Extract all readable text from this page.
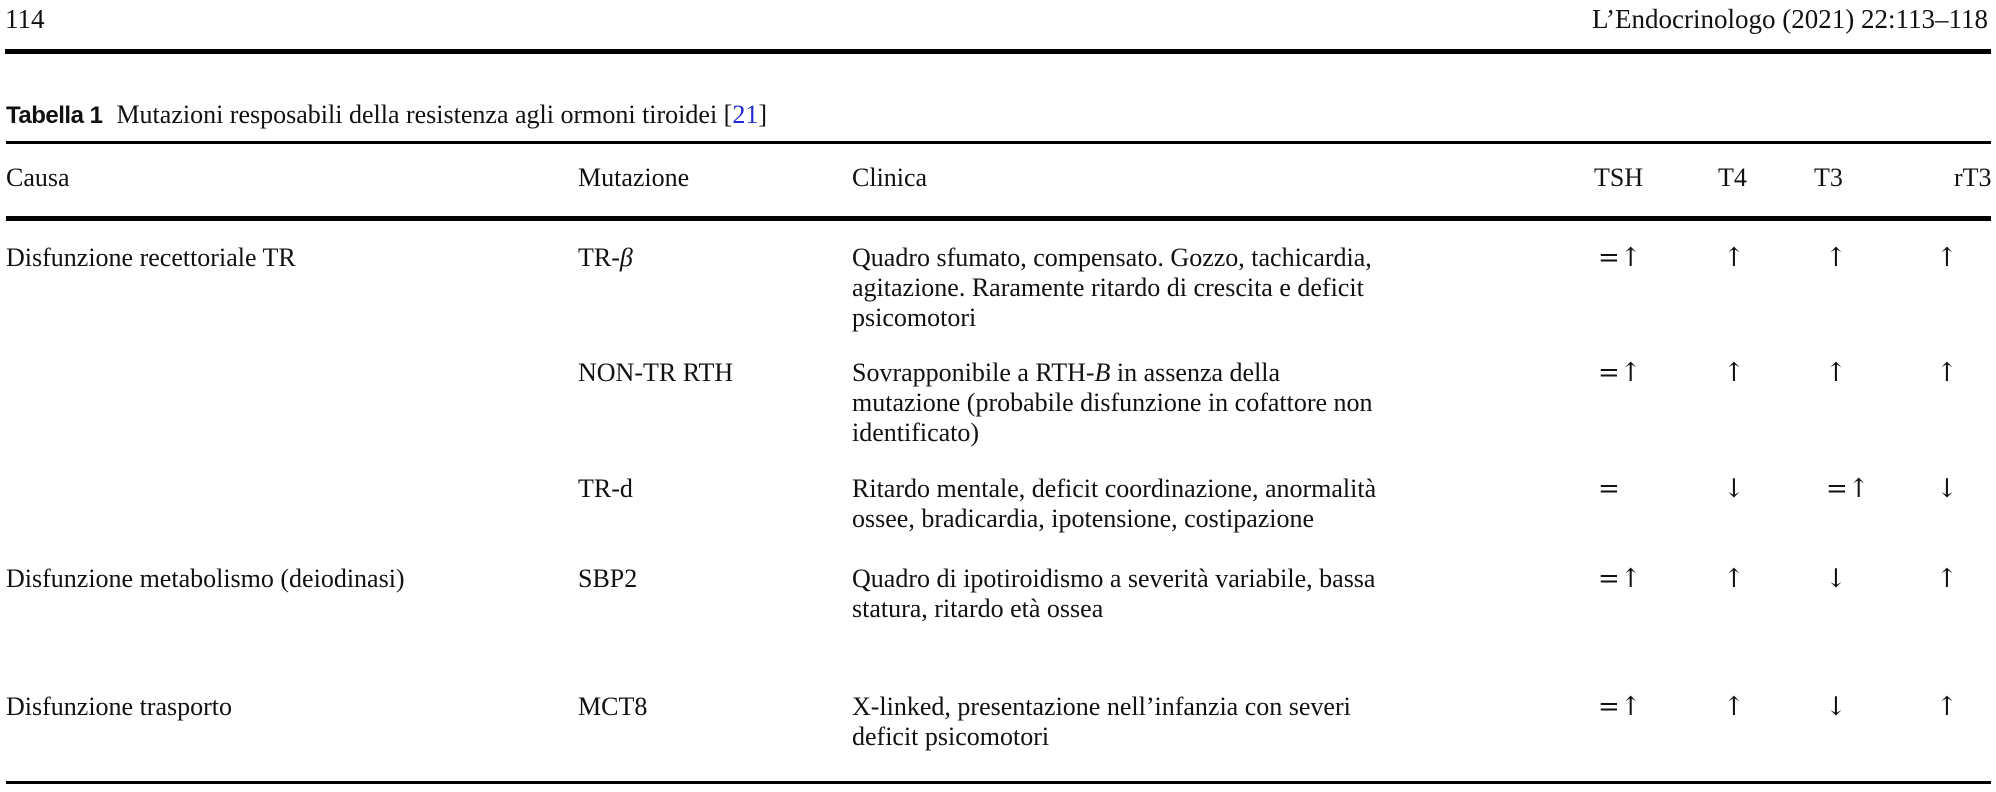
114	L’Endocrinologo (2021) 22:113–118
Tabella 1 Mutazioni resposabili della resistenza agli ormoni tiroidei [21]
Causa	Mutazione	Clinica	TSH	T4	T3	rT3
Disfunzione recettoriale TR	TR-β	Quadro sfumato, compensato. Gozzo, tachicardia,
agitazione. Raramente ritardo di crescita e deficit
psicomotori
=↑	↑	↑	↑
NON-TR RTH	Sovrapponibile a RTH-B in assenza della
mutazione (probabile disfunzione in cofattore non
identificato)
=↑	↑	↑	↑
TR-d	Ritardo mentale, deficit coordinazione, anormalità
ossee, bradicardia, ipotensione, costipazione
=	↓	=↑	↓
Disfunzione metabolismo (deiodinasi)	SBP2	Quadro di ipotiroidismo a severità variabile, bassa
statura, ritardo età ossea
=↑	↑	↓	↑
Disfunzione trasporto	MCT8	X-linked, presentazione nell’infanzia con severi
deficit psicomotori
=↑	↑	↓	↑
